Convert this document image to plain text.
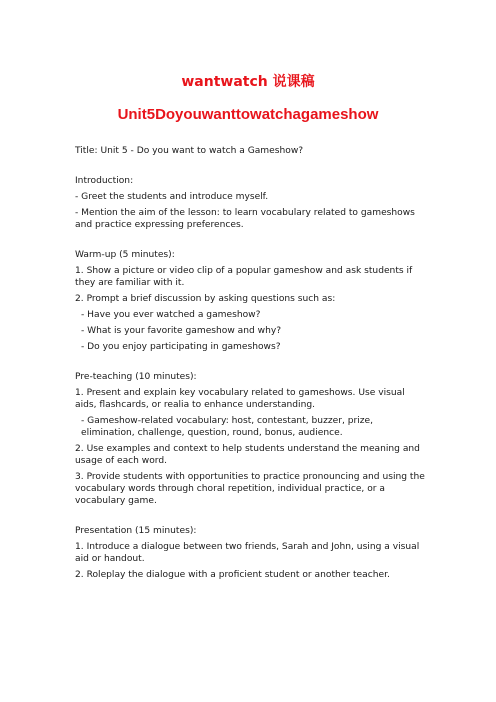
wantwatch 说课稿
Unit5Doyouwanttowatchagameshow

Title: Unit 5 - Do you want to watch a Gameshow?

Introduction:

- Greet the students and introduce myself.

- Mention the aim of the lesson: to learn vocabulary related to gameshows and practice expressing preferences.

Warm-up (5 minutes):

1. Show a picture or video clip of a popular gameshow and ask students if they are familiar with it.

2. Prompt a brief discussion by asking questions such as:

- Have you ever watched a gameshow?

- What is your favorite gameshow and why?

- Do you enjoy participating in gameshows?

Pre-teaching (10 minutes):

1. Present and explain key vocabulary related to gameshows. Use visual aids, flashcards, or realia to enhance understanding.

- Gameshow-related vocabulary: host, contestant, buzzer, prize, elimination, challenge, question, round, bonus, audience.

2. Use examples and context to help students understand the meaning and usage of each word.

3. Provide students with opportunities to practice pronouncing and using the vocabulary words through choral repetition, individual practice, or a vocabulary game.

Presentation (15 minutes):

1. Introduce a dialogue between two friends, Sarah and John, using a visual aid or handout.

2. Roleplay the dialogue with a proficient student or another teacher.
